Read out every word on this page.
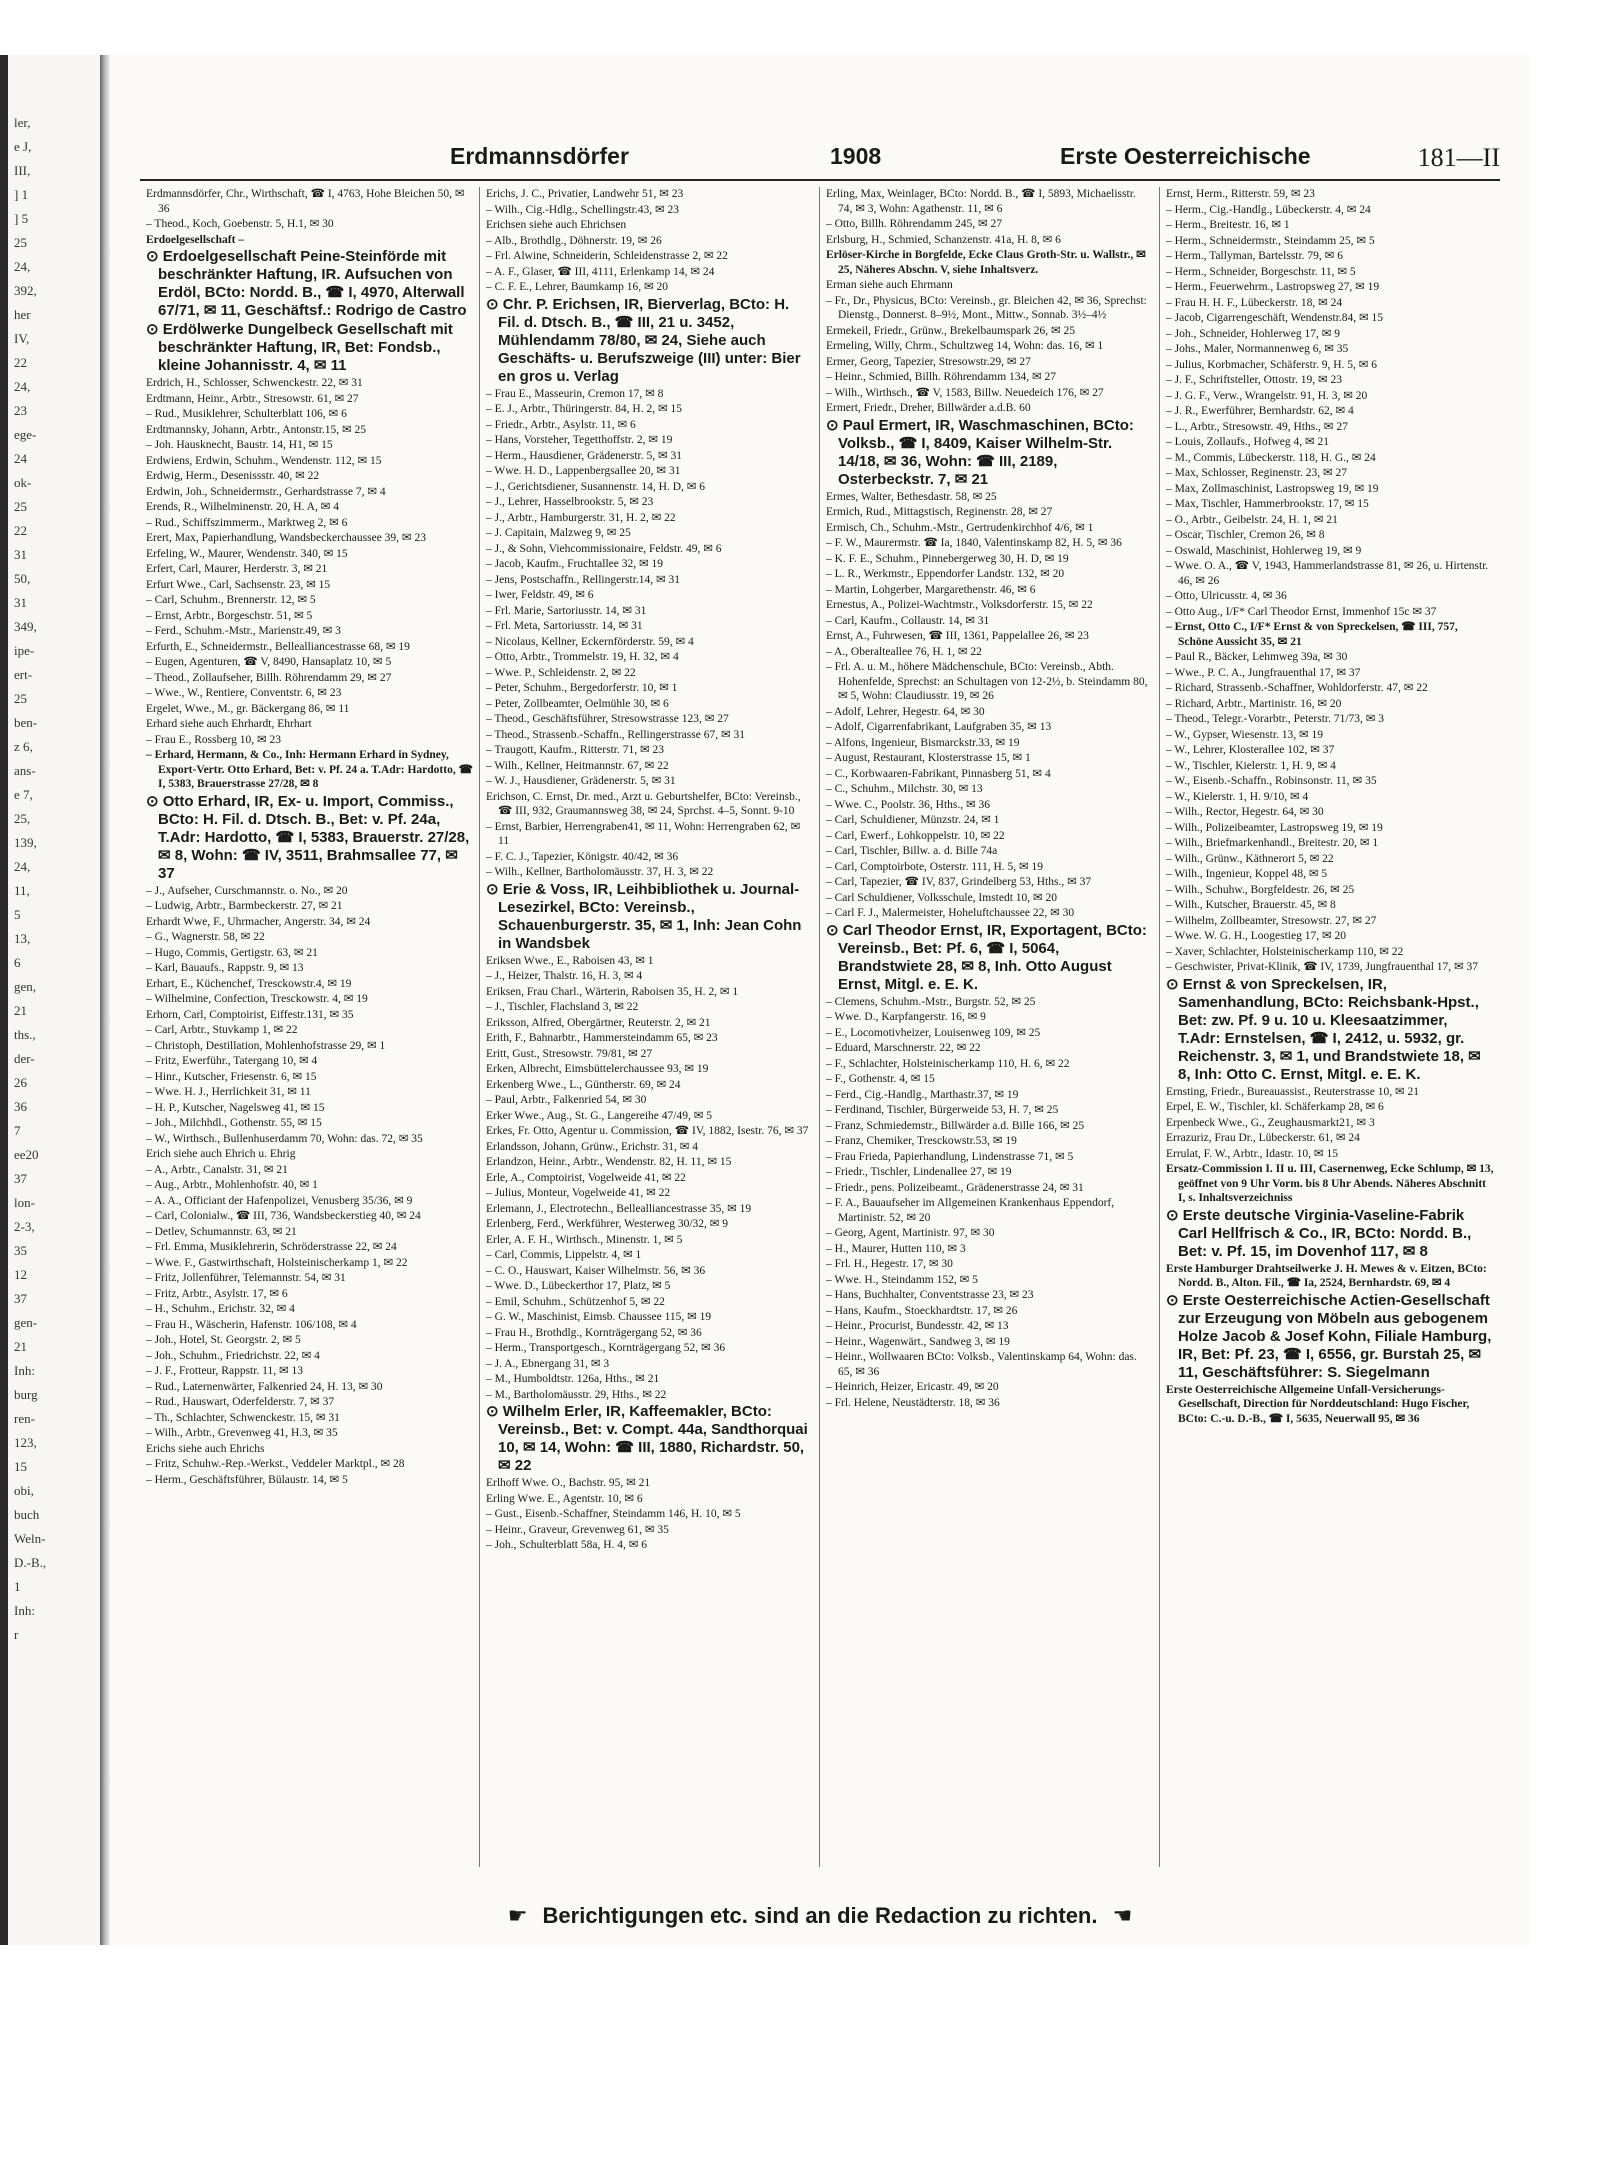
ler,
e J,
III,
] 1
] 5
25
24,
392,
her
IV,
22
24,
23
ege-
24
ok-
25
22
31
50,
31
349,
ipe-
ert-
25
ben-
z 6,
ans-
e 7,
25,
139,
24,
11,
5
13,
6
gen,
21
ths.,
der-
26
36
7
ee20
37
lon-
2-3,
35
12
37
gen-
21
Inh:
burg
ren-
123,
15
obi,
buch
Weln-
D.-B.,
1
Inh:
r
Erdmannsdörfer	1908	Erste Oesterreichische	181—II

Erdmannsdörfer, Chr., Wirthschaft, ☎ I, 4763, Hohe Bleichen 50, ✉ 36

– Theod., Koch, Goebenstr. 5, H.1, ✉ 30

Erdoelgesellschaft –

⊙ Erdoelgesellschaft Peine-Steinförde mit beschränkter Haftung, IR. Aufsuchen von Erdöl, BCto: Nordd. B., ☎ I, 4970, Alterwall 67/71, ✉ 11, Geschäftsf.: Rodrigo de Castro

⊙ Erdölwerke Dungelbeck Gesellschaft mit beschränkter Haftung, IR, Bet: Fondsb., kleine Johannisstr. 4, ✉ 11

Erdrich, H., Schlosser, Schwenckestr. 22, ✉ 31

Erdtmann, Heinr., Arbtr., Stresowstr. 61, ✉ 27

– Rud., Musiklehrer, Schulterblatt 106, ✉ 6

Erdtmannsky, Johann, Arbtr., Antonstr.15, ✉ 25

– Joh. Hausknecht, Baustr. 14, H1, ✉ 15

Erdwiens, Erdwin, Schuhm., Wendenstr. 112, ✉ 15

Erdwig, Herm., Desenissstr. 40, ✉ 22

Erdwin, Joh., Schneidermstr., Gerhardstrasse 7, ✉ 4

Erends, R., Wilhelminenstr. 20, H. A, ✉ 4

– Rud., Schiffszimmerm., Marktweg 2, ✉ 6

Erert, Max, Papierhandlung, Wandsbeckerchaussee 39, ✉ 23

Erfeling, W., Maurer, Wendenstr. 340, ✉ 15

Erfert, Carl, Maurer, Herderstr. 3, ✉ 21

Erfurt Wwe., Carl, Sachsenstr. 23, ✉ 15

– Carl, Schuhm., Brennerstr. 12, ✉ 5

– Ernst, Arbtr., Borgeschstr. 51, ✉ 5

– Ferd., Schuhm.-Mstr., Marienstr.49, ✉ 3

Erfurth, E., Schneidermstr., Bellealliancestrasse 68, ✉ 19

– Eugen, Agenturen, ☎ V, 8490, Hansaplatz 10, ✉ 5

– Theod., Zollaufseher, Billh. Röhrendamm 29, ✉ 27

– Wwe., W., Rentiere, Conventstr. 6, ✉ 23

Ergelet, Wwe., M., gr. Bäckergang 86, ✉ 11

Erhard siehe auch Ehrhardt, Ehrhart

– Frau E., Rossberg 10, ✉ 23

– Erhard, Hermann, & Co., Inh: Hermann Erhard in Sydney, Export-Vertr. Otto Erhard, Bet: v. Pf. 24 a. T.Adr: Hardotto, ☎ I, 5383, Brauerstrasse 27/28, ✉ 8

⊙ Otto Erhard, IR, Ex- u. Import, Commiss., BCto: H. Fil. d. Dtsch. B., Bet: v. Pf. 24a, T.Adr: Hardotto, ☎ I, 5383, Brauerstr. 27/28, ✉ 8, Wohn: ☎ IV, 3511, Brahmsallee 77, ✉ 37

– J., Aufseher, Curschmannstr. o. No., ✉ 20

– Ludwig, Arbtr., Barmbeckerstr. 27, ✉ 21

Erhardt Wwe, F., Uhrmacher, Angerstr. 34, ✉ 24

– G., Wagnerstr. 58, ✉ 22

– Hugo, Commis, Gertigstr. 63, ✉ 21

– Karl, Bauaufs., Rappstr. 9, ✉ 13

Erhart, E., Küchenchef, Tresckowstr.4, ✉ 19

– Wilhelmine, Confection, Tresckowstr. 4, ✉ 19

Erhorn, Carl, Comptoirist, Eiffestr.131, ✉ 35

– Carl, Arbtr., Stuvkamp 1, ✉ 22

– Christoph, Destillation, Mohlenhofstrasse 29, ✉ 1

– Fritz, Ewerführ., Tatergang 10, ✉ 4

– Hinr., Kutscher, Friesenstr. 6, ✉ 15

– Wwe. H. J., Herrlichkeit 31, ✉ 11

– H. P., Kutscher, Nagelsweg 41, ✉ 15

– Joh., Milchhdl., Gothenstr. 55, ✉ 15

– W., Wirthsch., Bullenhuserdamm 70, Wohn: das. 72, ✉ 35

Erich siehe auch Ehrich u. Ehrig

– A., Arbtr., Canalstr. 31, ✉ 21

– Aug., Arbtr., Mohlenhofstr. 40, ✉ 1

– A. A., Officiant der Hafenpolizei, Venusberg 35/36, ✉ 9

– Carl, Colonialw., ☎ III, 736, Wandsbeckerstieg 40, ✉ 24

– Detlev, Schumannstr. 63, ✉ 21

– Frl. Emma, Musiklehrerin, Schröderstrasse 22, ✉ 24

– Wwe. F., Gastwirthschaft, Holsteinischerkamp 1, ✉ 22

– Fritz, Jollenführer, Telemannstr. 54, ✉ 31

– Fritz, Arbtr., Asylstr. 17, ✉ 6

– H., Schuhm., Erichstr. 32, ✉ 4

– Frau H., Wäscherin, Hafenstr. 106/108, ✉ 4

– Joh., Hotel, St. Georgstr. 2, ✉ 5

– Joh., Schuhm., Friedrichstr. 22, ✉ 4

– J. F., Frotteur, Rappstr. 11, ✉ 13

– Rud., Laternenwärter, Falkenried 24, H. 13, ✉ 30

– Rud., Hauswart, Oderfelderstr. 7, ✉ 37

– Th., Schlachter, Schwenckestr. 15, ✉ 31

– Wilh., Arbtr., Grevenweg 41, H.3, ✉ 35

Erichs siehe auch Ehrichs

– Fritz, Schuhw.-Rep.-Werkst., Veddeler Marktpl., ✉ 28

– Herm., Geschäftsführer, Bülaustr. 14, ✉ 5

Erichs, J. C., Privatier, Landwehr 51, ✉ 23

– Wilh., Cig.-Hdlg., Schellingstr.43, ✉ 23

Erichsen siehe auch Ehrichsen

– Alb., Brothdlg., Döhnerstr. 19, ✉ 26

– Frl. Alwine, Schneiderin, Schleidenstrasse 2, ✉ 22

– A. F., Glaser, ☎ III, 4111, Erlenkamp 14, ✉ 24

– C. F. E., Lehrer, Baumkamp 16, ✉ 20

⊙ Chr. P. Erichsen, IR, Bierverlag, BCto: H. Fil. d. Dtsch. B., ☎ III, 21 u. 3452, Mühlendamm 78/80, ✉ 24, Siehe auch Geschäfts- u. Berufszweige (III) unter: Bier en gros u. Verlag

– Frau E., Masseurin, Cremon 17, ✉ 8

– E. J., Arbtr., Thüringerstr. 84, H. 2, ✉ 15

– Friedr., Arbtr., Asylstr. 11, ✉ 6

– Hans, Vorsteher, Tegetthoffstr. 2, ✉ 19

– Herm., Hausdiener, Grädenerstr. 5, ✉ 31

– Wwe. H. D., Lappenbergsallee 20, ✉ 31

– J., Gerichtsdiener, Susannenstr. 14, H. D, ✉ 6

– J., Lehrer, Hasselbrookstr. 5, ✉ 23

– J., Arbtr., Hamburgerstr. 31, H. 2, ✉ 22

– J. Capitain, Malzweg 9, ✉ 25

– J., & Sohn, Viehcommissionaire, Feldstr. 49, ✉ 6

– Jacob, Kaufm., Fruchtallee 32, ✉ 19

– Jens, Postschaffn., Rellingerstr.14, ✉ 31

– Iwer, Feldstr. 49, ✉ 6

– Frl. Marie, Sartoriusstr. 14, ✉ 31

– Frl. Meta, Sartoriusstr. 14, ✉ 31

– Nicolaus, Kellner, Eckernförderstr. 59, ✉ 4

– Otto, Arbtr., Trommelstr. 19, H. 32, ✉ 4

– Wwe. P., Schleidenstr. 2, ✉ 22

– Peter, Schuhm., Bergedorferstr. 10, ✉ 1

– Peter, Zollbeamter, Oelmühle 30, ✉ 6

– Theod., Geschäftsführer, Stresowstrasse 123, ✉ 27

– Theod., Strassenb.-Schaffn., Rellingerstrasse 67, ✉ 31

– Traugott, Kaufm., Ritterstr. 71, ✉ 23

– Wilh., Kellner, Heitmannstr. 67, ✉ 22

– W. J., Hausdiener, Grädenerstr. 5, ✉ 31

Erichson, C. Ernst, Dr. med., Arzt u. Geburtshelfer, BCto: Vereinsb., ☎ III, 932, Graumannsweg 38, ✉ 24, Sprchst. 4–5, Sonnt. 9-10

– Ernst, Barbier, Herrengraben41, ✉ 11, Wohn: Herrengraben 62, ✉ 11

– F. C. J., Tapezier, Königstr. 40/42, ✉ 36

– Wilh., Kellner, Bartholomäusstr. 37, H. 3, ✉ 22

⊙ Erie & Voss, IR, Leihbibliothek u. Journal-Lesezirkel, BCto: Vereinsb., Schauenburgerstr. 35, ✉ 1, Inh: Jean Cohn in Wandsbek

Eriksen Wwe., E., Raboisen 43, ✉ 1

– J., Heizer, Thalstr. 16, H. 3, ✉ 4

Eriksen, Frau Charl., Wärterin, Raboisen 35, H. 2, ✉ 1

– J., Tischler, Flachsland 3, ✉ 22

Eriksson, Alfred, Obergärtner, Reuterstr. 2, ✉ 21

Erith, F., Bahnarbtr., Hammersteindamm 65, ✉ 23

Eritt, Gust., Stresowstr. 79/81, ✉ 27

Erken, Albrecht, Eimsbüttelerchaussee 93, ✉ 19

Erkenberg Wwe., L., Güntherstr. 69, ✉ 24

– Paul, Arbtr., Falkenried 54, ✉ 30

Erker Wwe., Aug., St. G., Langereihe 47/49, ✉ 5

Erkes, Fr. Otto, Agentur u. Commission, ☎ IV, 1882, Isestr. 76, ✉ 37

Erlandsson, Johann, Grünw., Erichstr. 31, ✉ 4

Erlandzon, Heinr., Arbtr., Wendenstr. 82, H. 11, ✉ 15

Erle, A., Comptoirist, Vogelweide 41, ✉ 22

– Julius, Monteur, Vogelweide 41, ✉ 22

Erlemann, J., Electrotechn., Bellealliancestrasse 35, ✉ 19

Erlenberg, Ferd., Werkführer, Westerweg 30/32, ✉ 9

Erler, A. F. H., Wirthsch., Minenstr. 1, ✉ 5

– Carl, Commis, Lippelstr. 4, ✉ 1

– C. O., Hauswart, Kaiser Wilhelmstr. 56, ✉ 36

– Wwe. D., Lübeckerthor 17, Platz, ✉ 5

– Emil, Schuhm., Schützenhof 5, ✉ 22

– G. W., Maschinist, Eimsb. Chaussee 115, ✉ 19

– Frau H., Brothdlg., Kornträgergang 52, ✉ 36

– Herm., Transportgesch., Kornträgergang 52, ✉ 36

– J. A., Ebnergang 31, ✉ 3

– M., Humboldtstr. 126a, Hths., ✉ 21

– M., Bartholomäusstr. 29, Hths., ✉ 22

⊙ Wilhelm Erler, IR, Kaffeemakler, BCto: Vereinsb., Bet: v. Compt. 44a, Sandthorquai 10, ✉ 14, Wohn: ☎ III, 1880, Richardstr. 50, ✉ 22

Erlhoff Wwe. O., Bachstr. 95, ✉ 21

Erling Wwe. E., Agentstr. 10, ✉ 6

– Gust., Eisenb.-Schaffner, Steindamm 146, H. 10, ✉ 5

– Heinr., Graveur, Grevenweg 61, ✉ 35

– Joh., Schulterblatt 58a, H. 4, ✉ 6

Erling, Max, Weinlager, BCto: Nordd. B., ☎ I, 5893, Michaelisstr. 74, ✉ 3, Wohn: Agathenstr. 11, ✉ 6

– Otto, Billh. Röhrendamm 245, ✉ 27

Erlsburg, H., Schmied, Schanzenstr. 41a, H. 8, ✉ 6

Erlöser-Kirche in Borgfelde, Ecke Claus Groth-Str. u. Wallstr., ✉ 25, Näheres Abschn. V, siehe Inhaltsverz.

Erman siehe auch Ehrmann

– Fr., Dr., Physicus, BCto: Vereinsb., gr. Bleichen 42, ✉ 36, Sprechst: Dienstg., Donnerst. 8–9½, Mont., Mittw., Sonnab. 3½–4½

Ermekeil, Friedr., Grünw., Brekelbaumspark 26, ✉ 25

Ermeling, Willy, Chrm., Schultzweg 14, Wohn: das. 16, ✉ 1

Ermer, Georg, Tapezier, Stresowstr.29, ✉ 27

– Heinr., Schmied, Billh. Röhrendamm 134, ✉ 27

– Wilh., Wirthsch., ☎ V, 1583, Billw. Neuedeich 176, ✉ 27

Ermert, Friedr., Dreher, Billwärder a.d.B. 60

⊙ Paul Ermert, IR, Waschmaschinen, BCto: Volksb., ☎ I, 8409, Kaiser Wilhelm-Str. 14/18, ✉ 36, Wohn: ☎ III, 2189, Osterbeckstr. 7, ✉ 21

Ermes, Walter, Bethesdastr. 58, ✉ 25

Ermich, Rud., Mittagstisch, Reginenstr. 28, ✉ 27

Ermisch, Ch., Schuhm.-Mstr., Gertrudenkirchhof 4/6, ✉ 1

– F. W., Maurermstr. ☎ Ia, 1840, Valentinskamp 82, H. 5, ✉ 36

– K. F. E., Schuhm., Pinnebergerweg 30, H. D, ✉ 19

– L. R., Werkmstr., Eppendorfer Landstr. 132, ✉ 20

– Martin, Lohgerber, Margarethenstr. 46, ✉ 6

Ernestus, A., Polizei-Wachtmstr., Volksdorferstr. 15, ✉ 22

– Carl, Kaufm., Collaustr. 14, ✉ 31

Ernst, A., Fuhrwesen, ☎ III, 1361, Pappelallee 26, ✉ 23

– A., Oberalteallee 76, H. 1, ✉ 22

– Frl. A. u. M., höhere Mädchenschule, BCto: Vereinsb., Abth. Hohenfelde, Sprechst: an Schultagen von 12-2½, b. Steindamm 80, ✉ 5, Wohn: Claudiusstr. 19, ✉ 26

– Adolf, Lehrer, Hegestr. 64, ✉ 30

– Adolf, Cigarrenfabrikant, Laufgraben 35, ✉ 13

– Alfons, Ingenieur, Bismarckstr.33, ✉ 19

– August, Restaurant, Klosterstrasse 15, ✉ 1

– C., Korbwaaren-Fabrikant, Pinnasberg 51, ✉ 4

– C., Schuhm., Milchstr. 30, ✉ 13

– Wwe. C., Poolstr. 36, Hths., ✉ 36

– Carl, Schuldiener, Münzstr. 24, ✉ 1

– Carl, Ewerf., Lohkoppelstr. 10, ✉ 22

– Carl, Tischler, Billw. a. d. Bille 74a

– Carl, Comptoirbote, Osterstr. 111, H. 5, ✉ 19

– Carl, Tapezier, ☎ IV, 837, Grindelberg 53, Hths., ✉ 37

– Carl Schuldiener, Volksschule, Imstedt 10, ✉ 20

– Carl F. J., Malermeister, Hoheluftchaussee 22, ✉ 30

⊙ Carl Theodor Ernst, IR, Exportagent, BCto: Vereinsb., Bet: Pf. 6, ☎ I, 5064, Brandstwiete 28, ✉ 8, Inh. Otto August Ernst, Mitgl. e. E. K.

– Clemens, Schuhm.-Mstr., Burgstr. 52, ✉ 25

– Wwe. D., Karpfangerstr. 16, ✉ 9

– E., Locomotivheizer, Louisenweg 109, ✉ 25

– Eduard, Marschnerstr. 22, ✉ 22

– F., Schlachter, Holsteinischerkamp 110, H. 6, ✉ 22

– F., Gothenstr. 4, ✉ 15

– Ferd., Cig.-Handlg., Marthastr.37, ✉ 19

– Ferdinand, Tischler, Bürgerweide 53, H. 7, ✉ 25

– Franz, Schmiedemstr., Billwärder a.d. Bille 166, ✉ 25

– Franz, Chemiker, Tresckowstr.53, ✉ 19

– Frau Frieda, Papierhandlung, Lindenstrasse 71, ✉ 5

– Friedr., Tischler, Lindenallee 27, ✉ 19

– Friedr., pens. Polizeibeamt., Grädenerstrasse 24, ✉ 31

– F. A., Bauaufseher im Allgemeinen Krankenhaus Eppendorf, Martinistr. 52, ✉ 20

– Georg, Agent, Martinistr. 97, ✉ 30

– H., Maurer, Hutten 110, ✉ 3

– Frl. H., Hegestr. 17, ✉ 30

– Wwe. H., Steindamm 152, ✉ 5

– Hans, Buchhalter, Conventstrasse 23, ✉ 23

– Hans, Kaufm., Stoeckhardtstr. 17, ✉ 26

– Heinr., Procurist, Bundesstr. 42, ✉ 13

– Heinr., Wagenwärt., Sandweg 3, ✉ 19

– Heinr., Wollwaaren BCto: Volksb., Valentinskamp 64, Wohn: das. 65, ✉ 36

– Heinrich, Heizer, Ericastr. 49, ✉ 20

– Frl. Helene, Neustädterstr. 18, ✉ 36

Ernst, Herm., Ritterstr. 59, ✉ 23

– Herm., Cig.-Handlg., Lübeckerstr. 4, ✉ 24

– Herm., Breitestr. 16, ✉ 1

– Herm., Schneidermstr., Steindamm 25, ✉ 5

– Herm., Tallyman, Bartelsstr. 79, ✉ 6

– Herm., Schneider, Borgeschstr. 11, ✉ 5

– Herm., Feuerwehrm., Lastropsweg 27, ✉ 19

– Frau H. H. F., Lübeckerstr. 18, ✉ 24

– Jacob, Cigarrengeschäft, Wendenstr.84, ✉ 15

– Joh., Schneider, Hohlerweg 17, ✉ 9

– Johs., Maler, Normannenweg 6, ✉ 35

– Julius, Korbmacher, Schäferstr. 9, H. 5, ✉ 6

– J. F., Schriftsteller, Ottostr. 19, ✉ 23

– J. G. F., Verw., Wrangelstr. 91, H. 3, ✉ 20

– J. R., Ewerführer, Bernhardstr. 62, ✉ 4

– L., Arbtr., Stresowstr. 49, Hths., ✉ 27

– Louis, Zollaufs., Hofweg 4, ✉ 21

– M., Commis, Lübeckerstr. 118, H. G., ✉ 24

– Max, Schlosser, Reginenstr. 23, ✉ 27

– Max, Zollmaschinist, Lastropsweg 19, ✉ 19

– Max, Tischler, Hammerbrookstr. 17, ✉ 15

– O., Arbtr., Geibelstr. 24, H. 1, ✉ 21

– Oscar, Tischler, Cremon 26, ✉ 8

– Oswald, Maschinist, Hohlerweg 19, ✉ 9

– Wwe. O. A., ☎ V, 1943, Hammerlandstrasse 81, ✉ 26, u. Hirtenstr. 46, ✉ 26

– Otto, Ulricusstr. 4, ✉ 36

– Otto Aug., I/F* Carl Theodor Ernst, Immenhof 15c ✉ 37

– Ernst, Otto C., I/F* Ernst & von Spreckelsen, ☎ III, 757, Schöne Aussicht 35, ✉ 21

– Paul R., Bäcker, Lehmweg 39a, ✉ 30

– Wwe., P. C. A., Jungfrauenthal 17, ✉ 37

– Richard, Strassenb.-Schaffner, Wohldorferstr. 47, ✉ 22

– Richard, Arbtr., Martinistr. 16, ✉ 20

– Theod., Telegr.-Vorarbtr., Peterstr. 71/73, ✉ 3

– W., Gypser, Wiesenstr. 13, ✉ 19

– W., Lehrer, Klosterallee 102, ✉ 37

– W., Tischler, Kielerstr. 1, H. 9, ✉ 4

– W., Eisenb.-Schaffn., Robinsonstr. 11, ✉ 35

– W., Kielerstr. 1, H. 9/10, ✉ 4

– Wilh., Rector, Hegestr. 64, ✉ 30

– Wilh., Polizeibeamter, Lastropsweg 19, ✉ 19

– Wilh., Briefmarkenhandl., Breitestr. 20, ✉ 1

– Wilh., Grünw., Käthnerort 5, ✉ 22

– Wilh., Ingenieur, Koppel 48, ✉ 5

– Wilh., Schuhw., Borgfeldestr. 26, ✉ 25

– Wilh., Kutscher, Brauerstr. 45, ✉ 8

– Wilhelm, Zollbeamter, Stresowstr. 27, ✉ 27

– Wwe. W. G. H., Loogestieg 17, ✉ 20

– Xaver, Schlachter, Holsteinischerkamp 110, ✉ 22

– Geschwister, Privat-Klinik, ☎ IV, 1739, Jungfrauenthal 17, ✉ 37

⊙ Ernst & von Spreckelsen, IR, Samenhandlung, BCto: Reichsbank-Hpst., Bet: zw. Pf. 9 u. 10 u. Kleesaatzimmer, T.Adr: Ernstelsen, ☎ I, 2412, u. 5932, gr. Reichenstr. 3, ✉ 1, und Brandstwiete 18, ✉ 8, Inh: Otto C. Ernst, Mitgl. e. E. K.

Ernsting, Friedr., Bureauassist., Reuterstrasse 10, ✉ 21

Erpel, E. W., Tischler, kl. Schäferkamp 28, ✉ 6

Erpenbeck Wwe., G., Zeughausmarkt21, ✉ 3

Errazuriz, Frau Dr., Lübeckerstr. 61, ✉ 24

Errulat, F. W., Arbtr., Idastr. 10, ✉ 15

Ersatz-Commission I. II u. III, Casernenweg, Ecke Schlump, ✉ 13, geöffnet von 9 Uhr Vorm. bis 8 Uhr Abends. Näheres Abschnitt I, s. Inhaltsverzeichniss

⊙ Erste deutsche Virginia-Vaseline-Fabrik Carl Hellfrisch & Co., IR, BCto: Nordd. B., Bet: v. Pf. 15, im Dovenhof 117, ✉ 8

Erste Hamburger Drahtseilwerke J. H. Mewes & v. Eitzen, BCto: Nordd. B., Alton. Fil., ☎ Ia, 2524, Bernhardstr. 69, ✉ 4

⊙ Erste Oesterreichische Actien-Gesellschaft zur Erzeugung von Möbeln aus gebogenem Holze Jacob & Josef Kohn, Filiale Hamburg, IR, Bet: Pf. 23, ☎ I, 6556, gr. Burstah 25, ✉ 11, Geschäftsführer: S. Siegelmann

Erste Oesterreichische Allgemeine Unfall-Versicherungs-Gesellschaft, Direction für Norddeutschland: Hugo Fischer, BCto: C.-u. D.-B., ☎ I, 5635, Neuerwall 95, ✉ 36

☛ Berichtigungen etc. sind an die Redaction zu richten. ☚
